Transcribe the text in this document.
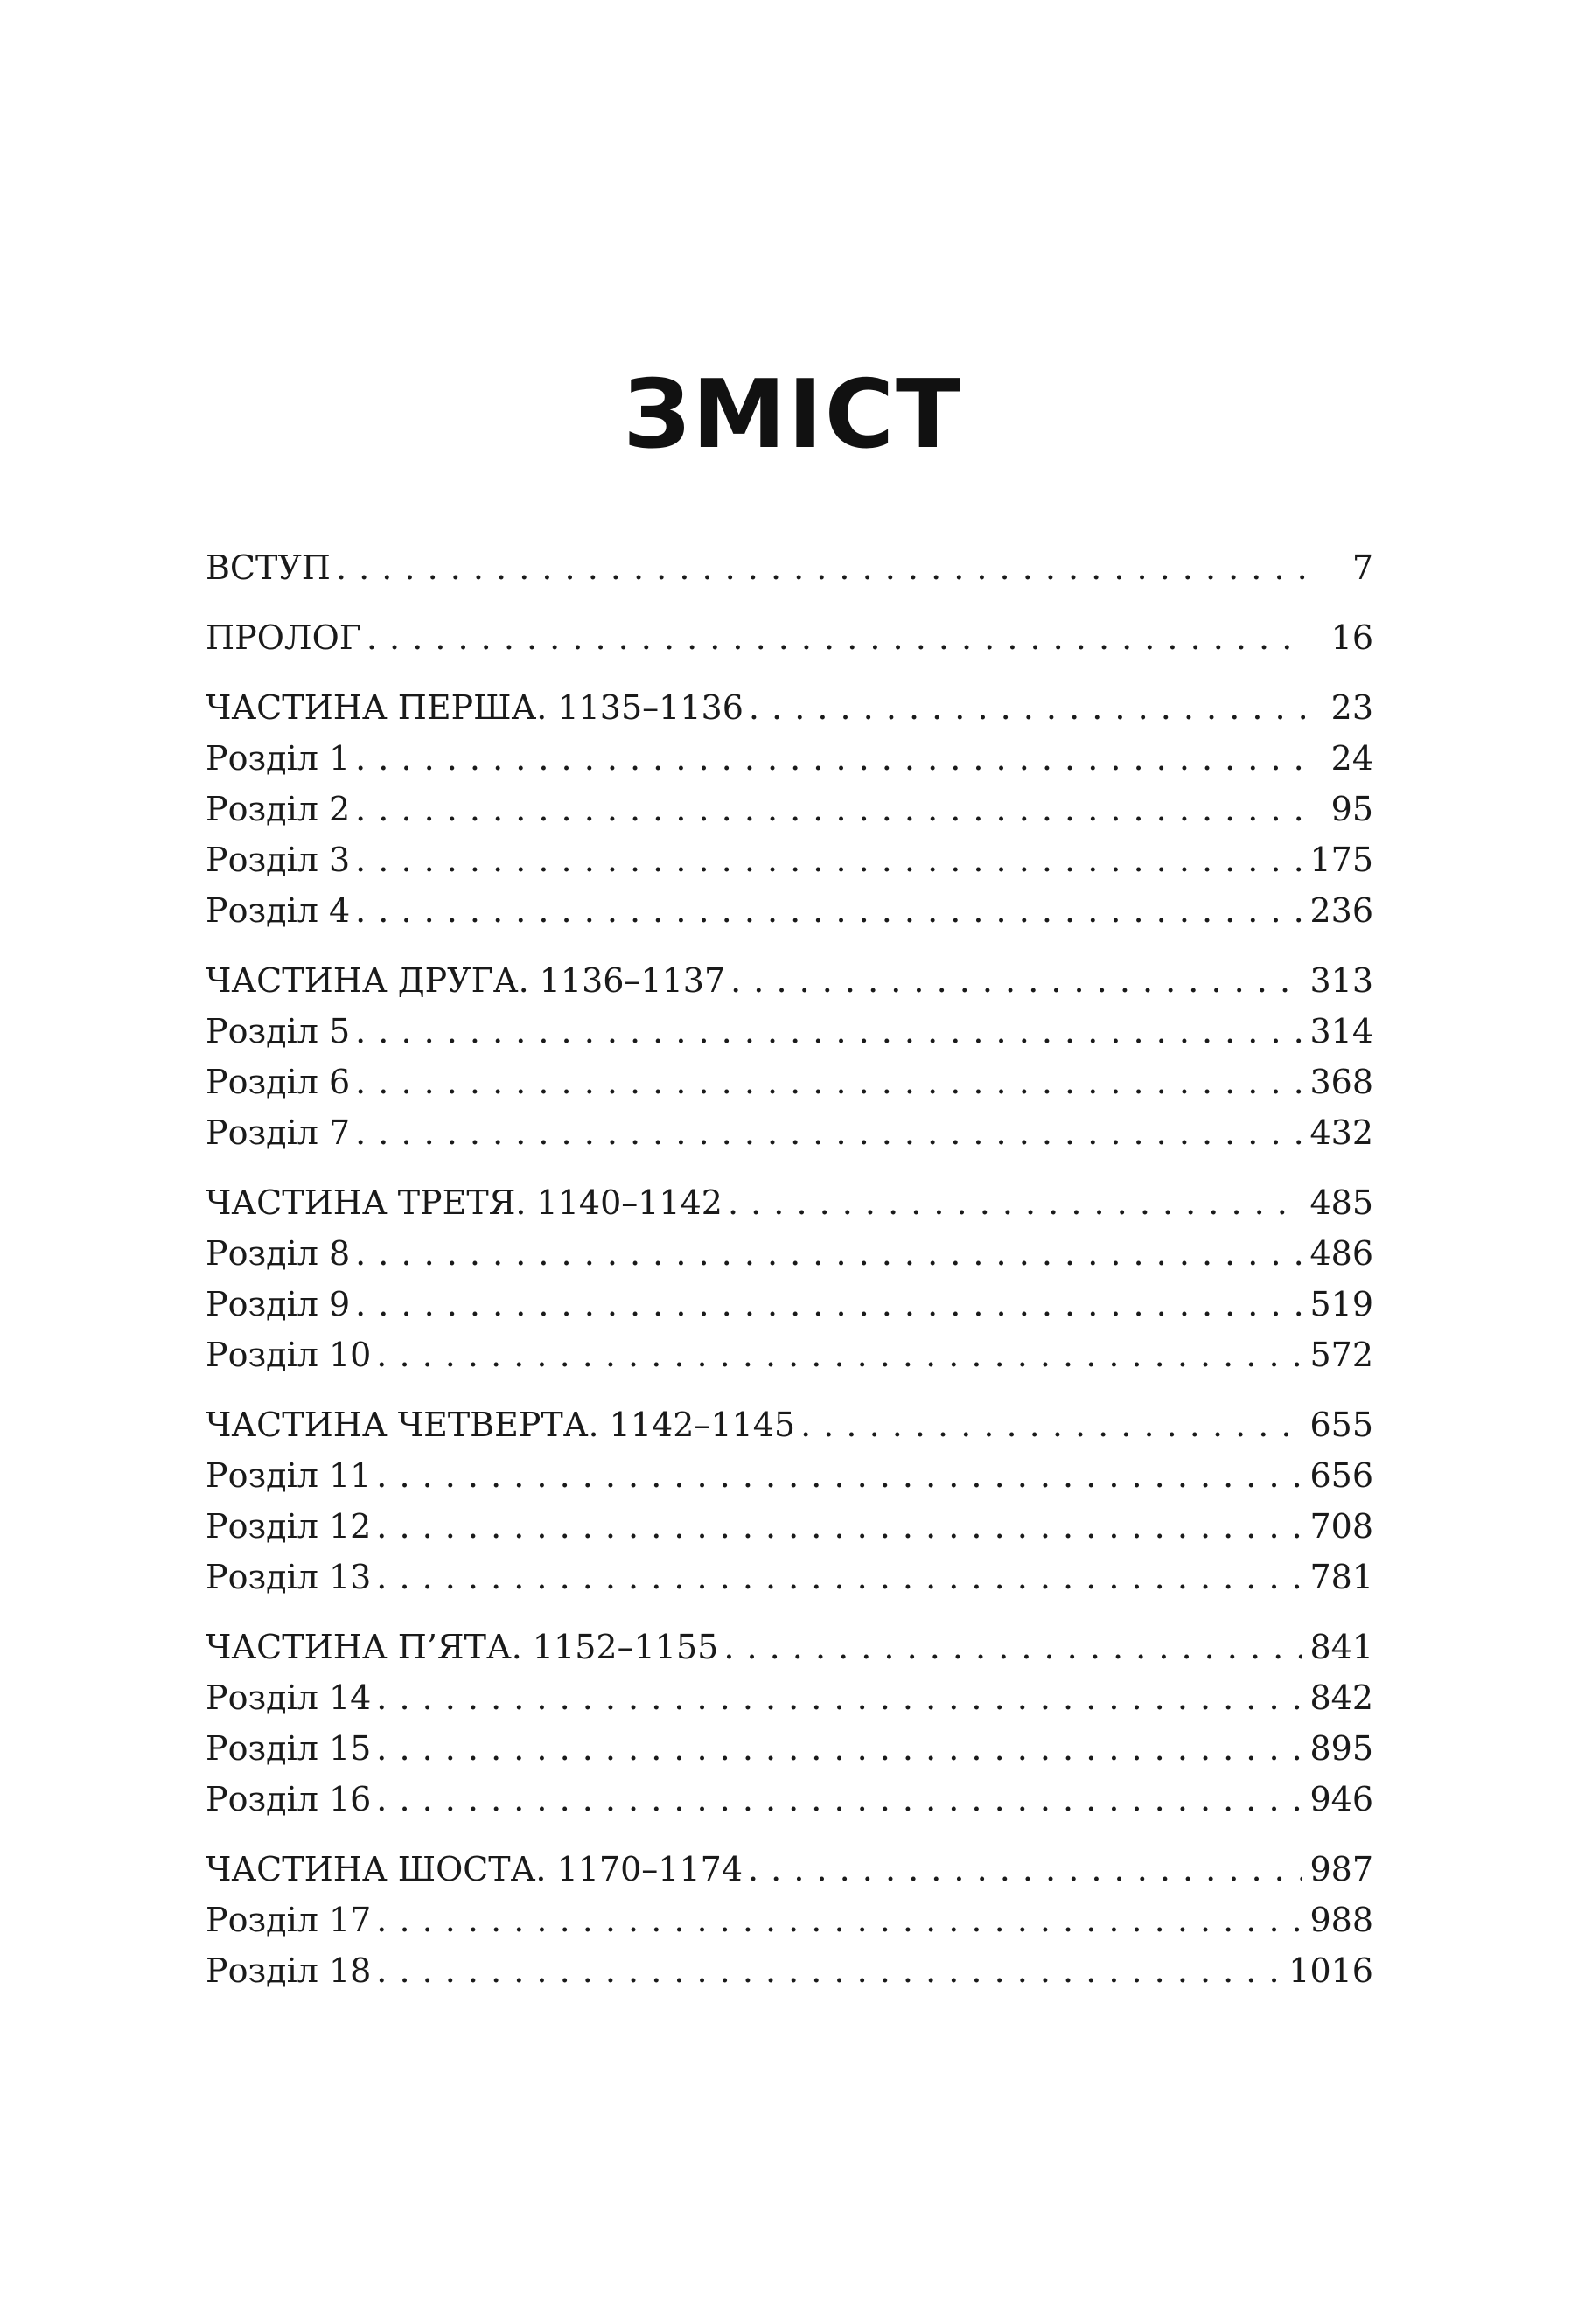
ЗМІСТ
ВСТУП . . .	7
ПРОЛОГ . . .	16
ЧАСТИНА ПЕРША. 1135–1136 . . .	23
Розділ 1 . . .	24
Розділ 2 . . .	95
Розділ 3 . . .	175
Розділ 4 . . .	236
ЧАСТИНА ДРУГА. 1136–1137 . . .	313
Розділ 5 . . .	314
Розділ 6 . . .	368
Розділ 7 . . .	432
ЧАСТИНА ТРЕТЯ. 1140–1142 . . .	485
Розділ 8 . . .	486
Розділ 9 . . .	519
Розділ 10 . . .	572
ЧАСТИНА ЧЕТВЕРТА. 1142–1145 . . .	655
Розділ 11 . . .	656
Розділ 12 . . .	708
Розділ 13 . . .	781
ЧАСТИНА П’ЯТА. 1152–1155 . . .	841
Розділ 14 . . .	842
Розділ 15 . . .	895
Розділ 16 . . .	946
ЧАСТИНА ШОСТА. 1170–1174 . . .	987
Розділ 17 . . .	988
Розділ 18 . . .	1016
